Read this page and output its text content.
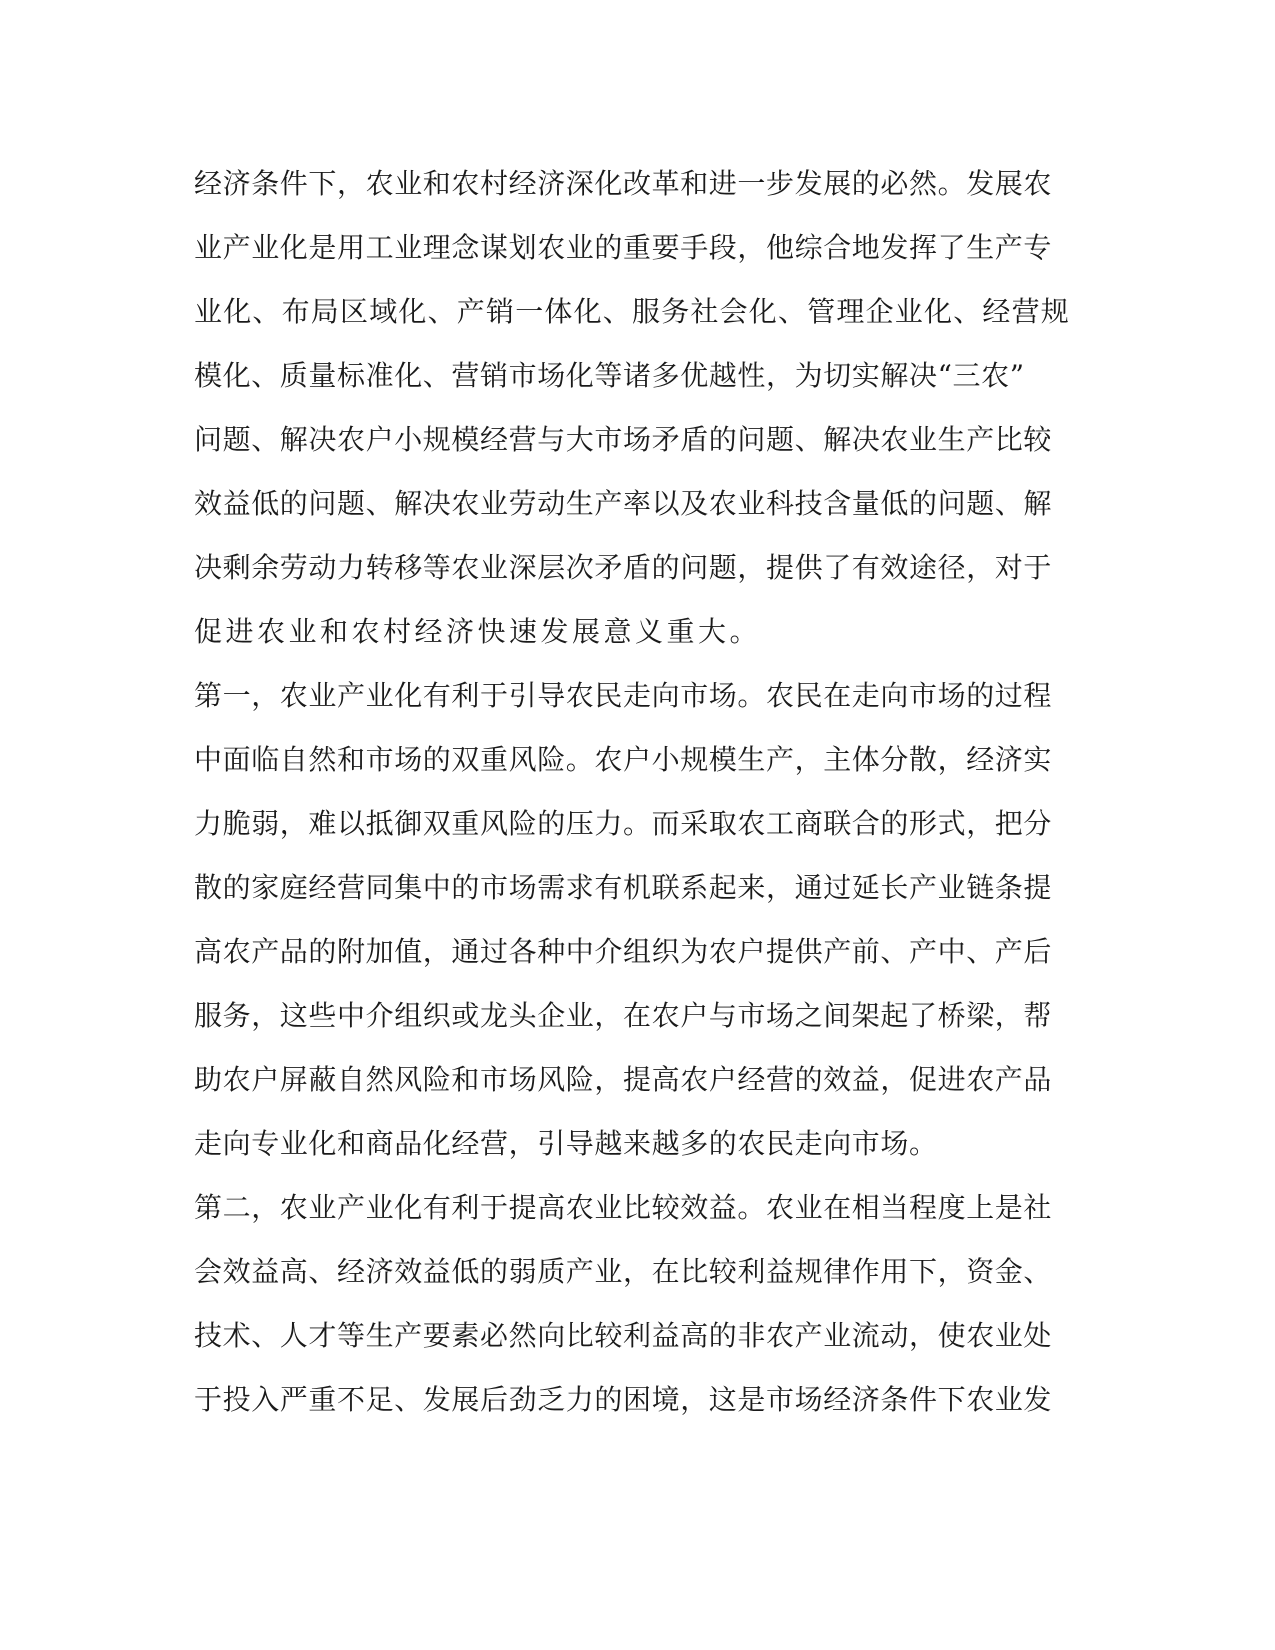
经济条件下，农业和农村经济深化改革和进一步发展的必然。发展农
业产业化是用工业理念谋划农业的重要手段，他综合地发挥了生产专
业化、布局区域化、产销一体化、服务社会化、管理企业化、经营规
模化、质量标准化、营销市场化等诸多优越性，为切实解决“三农”
问题、解决农户小规模经营与大市场矛盾的问题、解决农业生产比较
效益低的问题、解决农业劳动生产率以及农业科技含量低的问题、解
决剩余劳动力转移等农业深层次矛盾的问题，提供了有效途径，对于
促进农业和农村经济快速发展意义重大。
第一，农业产业化有利于引导农民走向市场。农民在走向市场的过程
中面临自然和市场的双重风险。农户小规模生产，主体分散，经济实
力脆弱，难以抵御双重风险的压力。而采取农工商联合的形式，把分
散的家庭经营同集中的市场需求有机联系起来，通过延长产业链条提
高农产品的附加值，通过各种中介组织为农户提供产前、产中、产后
服务，这些中介组织或龙头企业，在农户与市场之间架起了桥梁，帮
助农户屏蔽自然风险和市场风险，提高农户经营的效益，促进农产品
走向专业化和商品化经营，引导越来越多的农民走向市场。
第二，农业产业化有利于提高农业比较效益。农业在相当程度上是社
会效益高、经济效益低的弱质产业，在比较利益规律作用下，资金、
技术、人才等生产要素必然向比较利益高的非农产业流动，使农业处
于投入严重不足、发展后劲乏力的困境，这是市场经济条件下农业发
